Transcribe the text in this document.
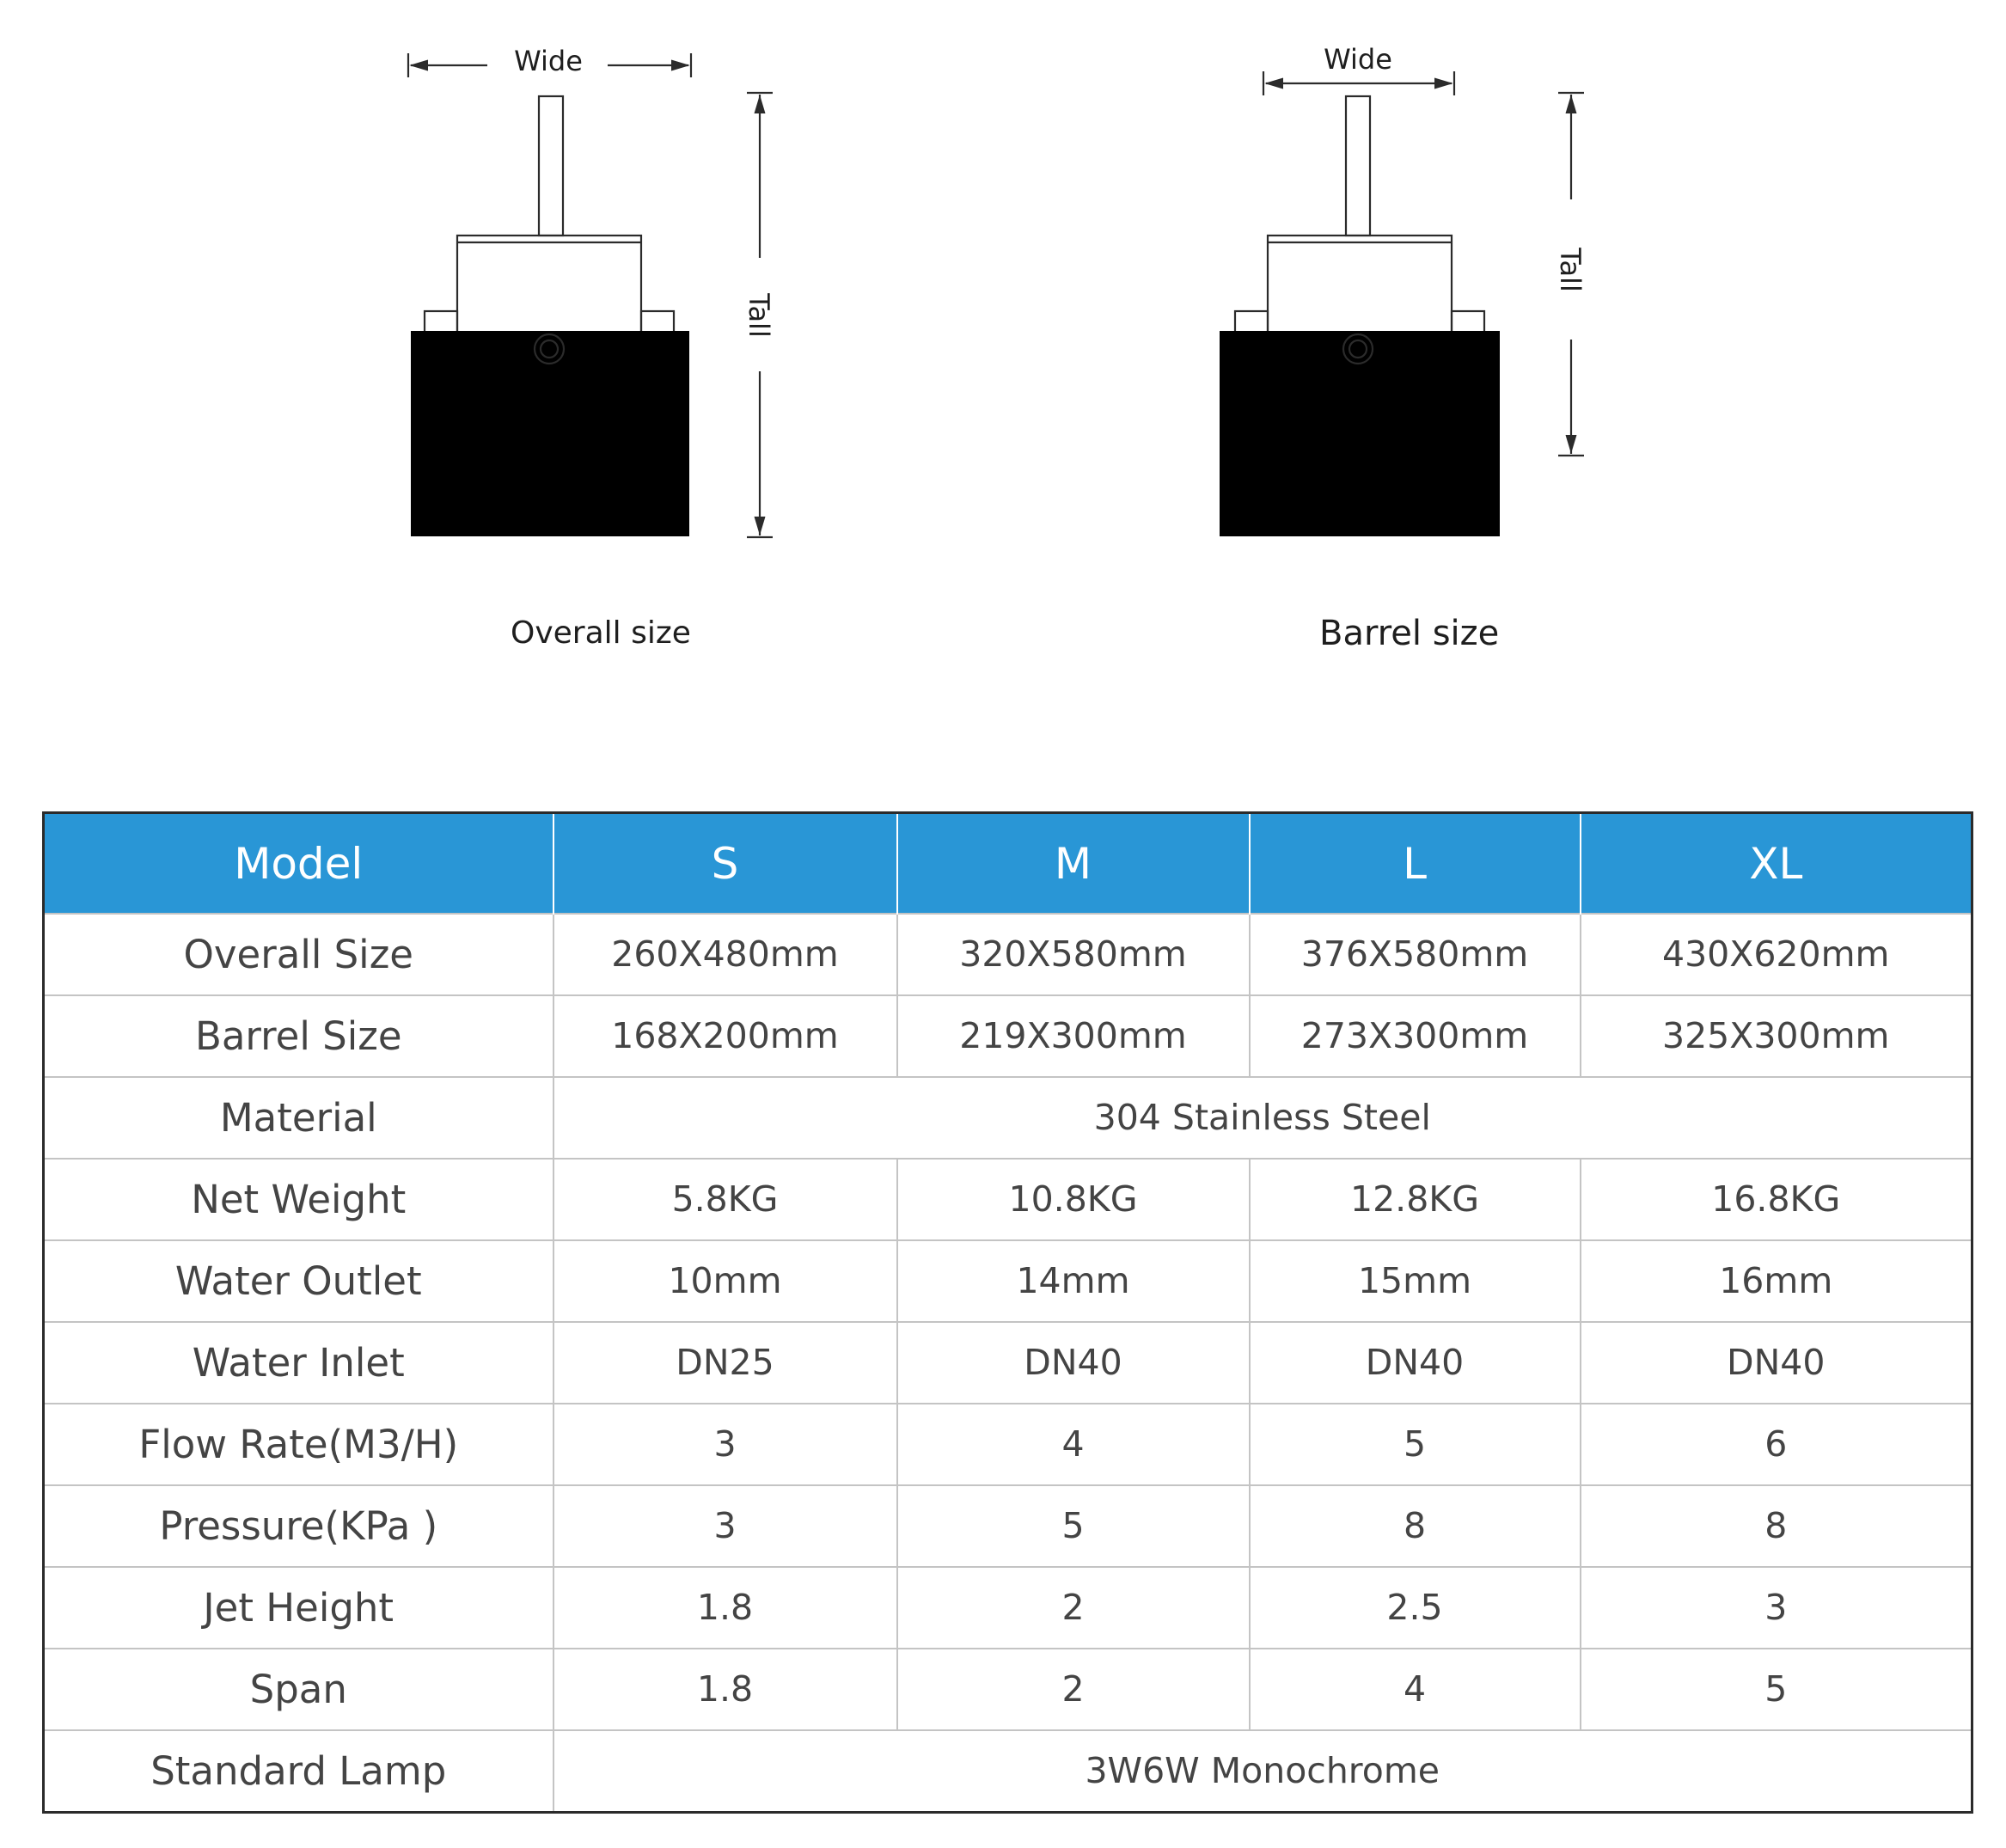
Wide
Tall
Wide
Tall
Overall size	Barrel size
Model	S	M	L	XL
Overall Size	260X480mm	320X580mm	376X580mm	430X620mm
Barrel Size	168X200mm	219X300mm	273X300mm	325X300mm
Material	304 Stainless Steel			
Net Weight	5.8KG	10.8KG	12.8KG	16.8KG
Water Outlet	10mm	14mm	15mm	16mm
Water Inlet	DN25	DN40	DN40	DN40
Flow Rate(M3/H)	3	4	5	6
Pressure(KPa )	3	5	8	8
Jet Height	1.8	2	2.5	3
Span	1.8	2	4	5
Standard Lamp	3W6W Monochrome			
